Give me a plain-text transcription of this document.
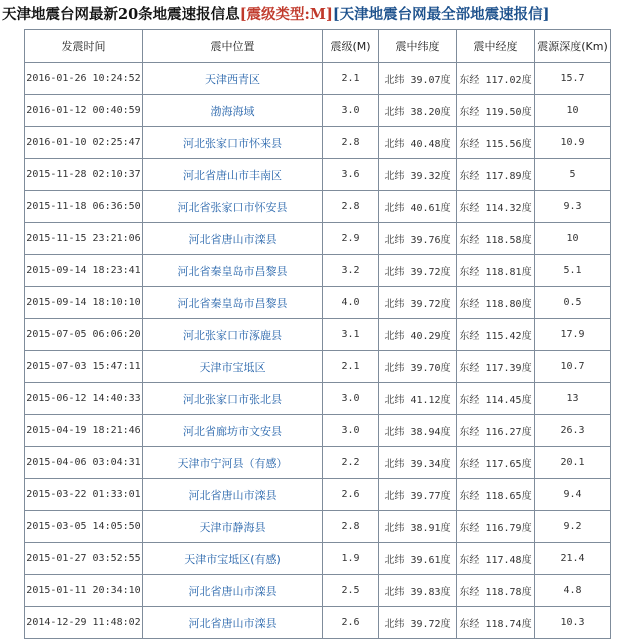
天津地震台网最新20条地震速报信息[震级类型:M][天津地震台网最全部地震速报信]
发震时间	震中位置	震级(M)	震中纬度	震中经度	震源深度(Km)
2016-01-26 10:24:52	天津西青区	2.1	北纬 39.07度	东经 117.02度	15.7
2016-01-12 00:40:59	渤海海域	3.0	北纬 38.20度	东经 119.50度	10
2016-01-10 02:25:47	河北张家口市怀来县	2.8	北纬 40.48度	东经 115.56度	10.9
2015-11-28 02:10:37	河北省唐山市丰南区	3.6	北纬 39.32度	东经 117.89度	5
2015-11-18 06:36:50	河北省张家口市怀安县	2.8	北纬 40.61度	东经 114.32度	9.3
2015-11-15 23:21:06	河北省唐山市滦县	2.9	北纬 39.76度	东经 118.58度	10
2015-09-14 18:23:41	河北省秦皇岛市昌黎县	3.2	北纬 39.72度	东经 118.81度	5.1
2015-09-14 18:10:10	河北省秦皇岛市昌黎县	4.0	北纬 39.72度	东经 118.80度	0.5
2015-07-05 06:06:20	河北张家口市涿鹿县	3.1	北纬 40.29度	东经 115.42度	17.9
2015-07-03 15:47:11	天津市宝坻区	2.1	北纬 39.70度	东经 117.39度	10.7
2015-06-12 14:40:33	河北张家口市张北县	3.0	北纬 41.12度	东经 114.45度	13
2015-04-19 18:21:46	河北省廊坊市文安县	3.0	北纬 38.94度	东经 116.27度	26.3
2015-04-06 03:04:31	天津市宁河县（有感）	2.2	北纬 39.34度	东经 117.65度	20.1
2015-03-22 01:33:01	河北省唐山市滦县	2.6	北纬 39.77度	东经 118.65度	9.4
2015-03-05 14:05:50	天津市静海县	2.8	北纬 38.91度	东经 116.79度	9.2
2015-01-27 03:52:55	天津市宝坻区(有感)	1.9	北纬 39.61度	东经 117.48度	21.4
2015-01-11 20:34:10	河北省唐山市滦县	2.5	北纬 39.83度	东经 118.78度	4.8
2014-12-29 11:48:02	河北省唐山市滦县	2.6	北纬 39.72度	东经 118.74度	10.3
